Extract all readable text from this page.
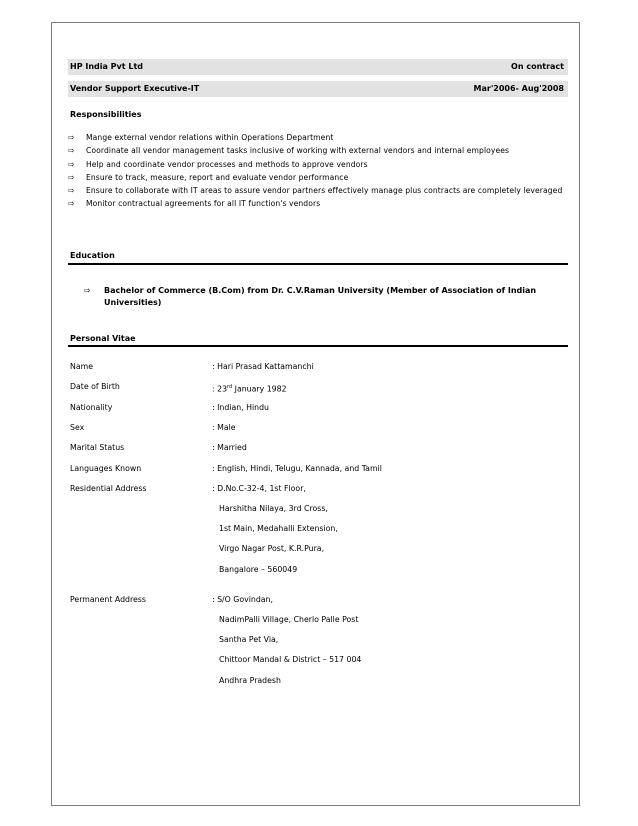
HP India Pvt Ltd	On contract
Vendor Support Executive-IT	Mar'2006- Aug'2008
Responsibilities
⇨ Mange external vendor relations within Operations Department
⇨ Coordinate all vendor management tasks inclusive of working with external vendors and internal employees
⇨ Help and coordinate vendor processes and methods to approve vendors
⇨ Ensure to track, measure, report and evaluate vendor performance
⇨ Ensure to collaborate with IT areas to assure vendor partners effectively manage plus contracts are completely leveraged
⇨ Monitor contractual agreements for all IT function's vendors
Education
⇨ Bachelor of Commerce (B.Com) from Dr. C.V.Raman University (Member of Association of Indian Universities)
Personal Vitae
Name	: Hari Prasad Kattamanchi
Date of Birth	: 23rd January 1982
Nationality	: Indian, Hindu
Sex	: Male
Marital Status	: Married
Languages Known	: English, Hindi, Telugu, Kannada, and Tamil
Residential Address	: D.No.C-32-4, 1st Floor,
Harshitha Nilaya, 3rd Cross,
1st Main, Medahalli Extension,
Virgo Nagar Post, K.R.Pura,
Bangalore – 560049
Permanent Address	: S/O Govindan,
NadimPalli Village, Cherlo Palle Post
Santha Pet Via,
Chittoor Mandal & District – 517 004
Andhra Pradesh
